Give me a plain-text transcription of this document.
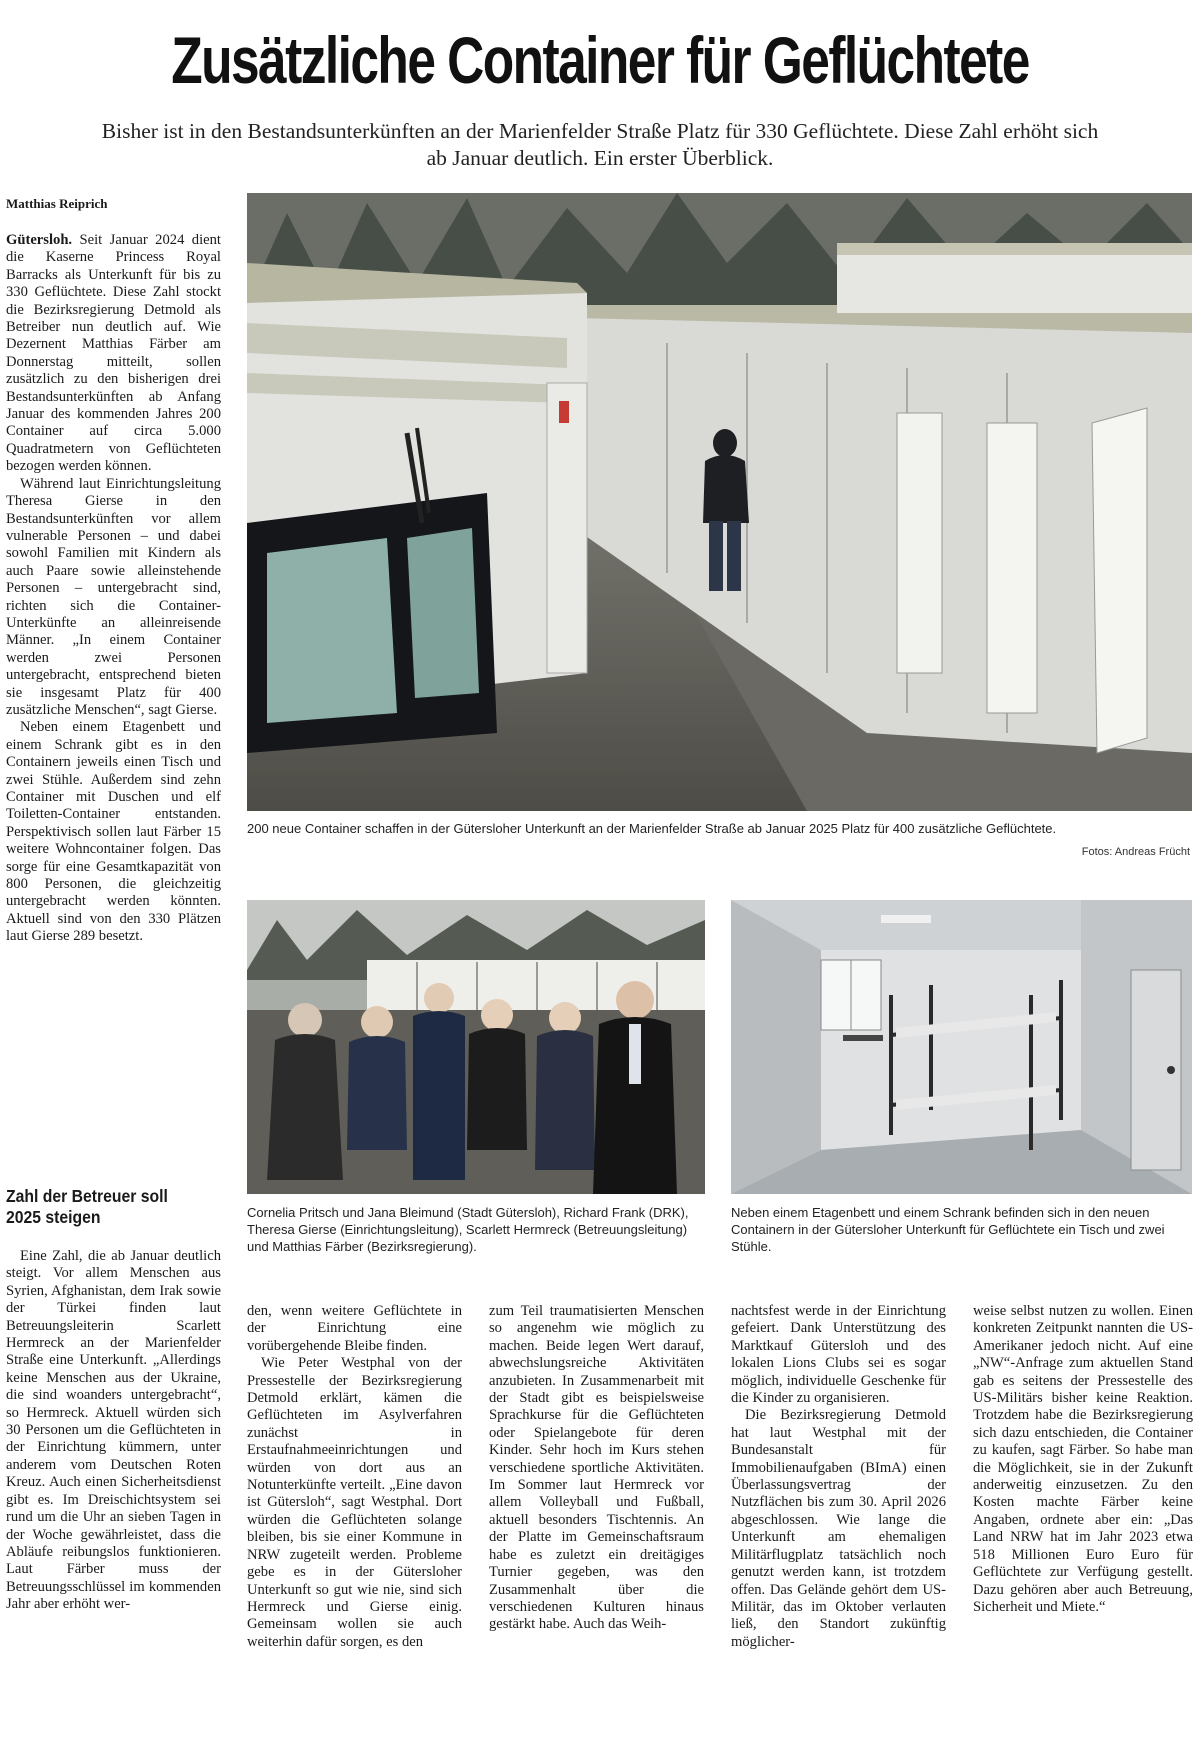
Zusätzliche Container für Geflüchtete
Bisher ist in den Bestandsunterkünften an der Marienfelder Straße Platz für 330 Geflüchtete. Diese Zahl erhöht sich ab Januar deutlich. Ein erster Überblick.
Matthias Reiprich

Gütersloh. Seit Januar 2024 dient die Kaserne Princess Royal Barracks als Unterkunft für bis zu 330 Geflüchtete. Diese Zahl stockt die Bezirksregierung Detmold als Betreiber nun deutlich auf. Wie Dezernent Matthias Färber am Donnerstag mitteilt, sollen zusätzlich zu den bisherigen drei Bestandsunterkünften ab Anfang Januar des kommenden Jahres 200 Container auf circa 5.000 Quadratmetern von Geflüchteten bezogen werden können.

Während laut Einrichtungsleitung Theresa Gierse in den Bestandsunterkünften vor allem vulnerable Personen – und dabei sowohl Familien mit Kindern als auch Paare sowie alleinstehende Personen – untergebracht sind, richten sich die Container-Unterkünfte an alleinreisende Männer. „In einem Container werden zwei Personen untergebracht, entsprechend bieten sie insgesamt Platz für 400 zusätzliche Menschen“, sagt Gierse.

Neben einem Etagenbett und einem Schrank gibt es in den Containern jeweils einen Tisch und zwei Stühle. Außerdem sind zehn Container mit Duschen und elf Toiletten-Container entstanden. Perspektivisch sollen laut Färber 15 weitere Wohncontainer folgen. Das sorge für eine Gesamtkapazität von 800 Personen, die gleichzeitig untergebracht werden könnten. Aktuell sind von den 330 Plätzen laut Gierse 289 besetzt.

Zahl der Betreuer soll 2025 steigen

Eine Zahl, die ab Januar deutlich steigt. Vor allem Menschen aus Syrien, Afghanistan, dem Irak sowie der Türkei finden laut Betreuungsleiterin Scarlett Hermreck an der Marienfelder Straße eine Unterkunft. „Allerdings keine Menschen aus der Ukraine, die sind woanders untergebracht“, so Hermreck. Aktuell würden sich 30 Personen um die Geflüchteten in der Einrichtung kümmern, unter anderem vom Deutschen Roten Kreuz. Auch einen Sicherheitsdienst gibt es. Im Dreischichtsystem sei rund um die Uhr an sieben Tagen in der Woche gewährleistet, dass die Abläufe reibungslos funktionieren. Laut Färber muss der Betreuungsschlüssel im kommenden Jahr aber erhöht wer-

den, wenn weitere Geflüchtete in der Einrichtung eine vorübergehende Bleibe finden.

Wie Peter Westphal von der Pressestelle der Bezirksregierung Detmold erklärt, kämen die Geflüchteten im Asylverfahren zunächst in Erstaufnahmeeinrichtungen und würden von dort aus an Notunterkünfte verteilt. „Eine davon ist Gütersloh“, sagt Westphal. Dort würden die Geflüchteten solange bleiben, bis sie einer Kommune in NRW zugeteilt werden. Probleme gebe es in der Gütersloher Unterkunft so gut wie nie, sind sich Hermreck und Gierse einig. Gemeinsam wollen sie auch weiterhin dafür sorgen, es den

zum Teil traumatisierten Menschen so angenehm wie möglich zu machen. Beide legen Wert darauf, abwechslungsreiche Aktivitäten anzubieten. In Zusammenarbeit mit der Stadt gibt es beispielsweise Sprachkurse für die Geflüchteten oder Spielangebote für deren Kinder. Sehr hoch im Kurs stehen verschiedene sportliche Aktivitäten. Im Sommer laut Hermreck vor allem Volleyball und Fußball, aktuell besonders Tischtennis. An der Platte im Gemeinschaftsraum habe es zuletzt ein dreitägiges Turnier gegeben, was den Zusammenhalt über die verschiedenen Kulturen hinaus gestärkt habe. Auch das Weih-

nachtsfest werde in der Einrichtung gefeiert. Dank Unterstützung des Marktkauf Gütersloh und des lokalen Lions Clubs sei es sogar möglich, individuelle Geschenke für die Kinder zu organisieren.

Die Bezirksregierung Detmold hat laut Westphal mit der Bundesanstalt für Immobilienaufgaben (BImA) einen Überlassungsvertrag der Nutzflächen bis zum 30. April 2026 abgeschlossen. Wie lange die Unterkunft am ehemaligen Militärflugplatz tatsächlich noch genutzt werden kann, ist trotzdem offen. Das Gelände gehört dem US-Militär, das im Oktober verlauten ließ, den Standort zukünftig möglicher-

weise selbst nutzen zu wollen. Einen konkreten Zeitpunkt nannten die US-Amerikaner jedoch nicht. Auf eine „NW“-Anfrage zum aktuellen Stand gab es seitens der Pressestelle des US-Militärs bisher keine Reaktion. Trotzdem habe die Bezirksregierung sich dazu entschieden, die Container zu kaufen, sagt Färber. So habe man die Möglichkeit, sie in der Zukunft anderweitig einzusetzen. Zu den Kosten machte Färber keine Angaben, ordnete aber ein: „Das Land NRW hat im Jahr 2023 etwa 518 Millionen Euro Euro für Geflüchtete zur Verfügung gestellt. Dazu gehören aber auch Betreuung, Sicherheit und Miete.“

200 neue Container schaffen in der Gütersloher Unterkunft an der Marienfelder Straße ab Januar 2025 Platz für 400 zusätzliche Geflüchtete.
Fotos: Andreas Frücht
Cornelia Pritsch und Jana Bleimund (Stadt Gütersloh), Richard Frank (DRK), Theresa Gierse (Einrichtungsleitung), Scarlett Hermreck (Betreuungsleitung) und Matthias Färber (Bezirksregierung).
Neben einem Etagenbett und einem Schrank befinden sich in den neuen Containern in der Gütersloher Unterkunft für Geflüchtete ein Tisch und zwei Stühle.
